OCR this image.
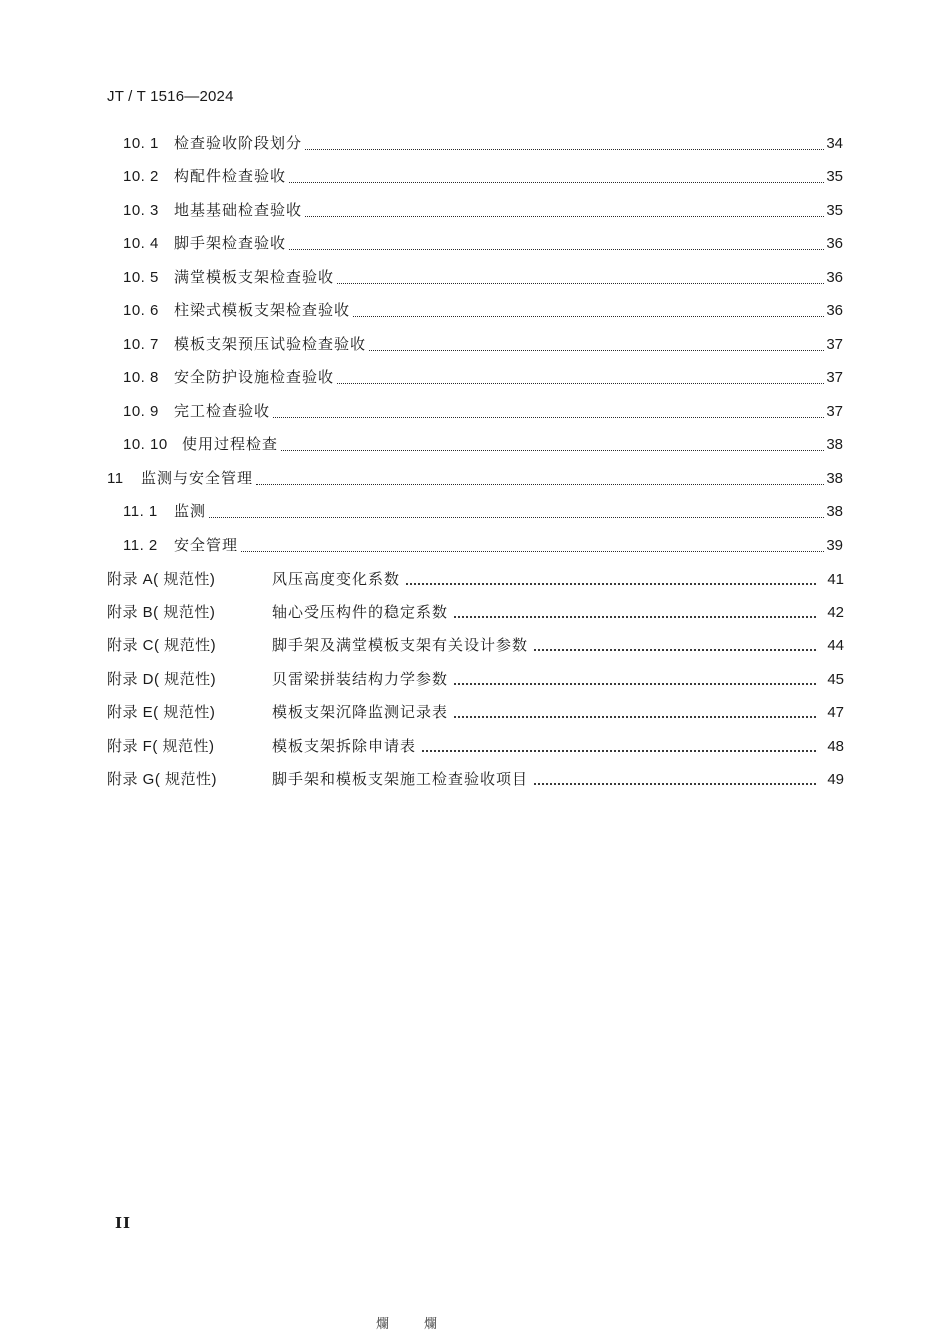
JT / T 1516—2024
10. 1	检查验收阶段划分	34
10. 2	构配件检查验收	35
10. 3	地基基础检查验收	35
10. 4	脚手架检查验收	36
10. 5	满堂模板支架检查验收	36
10. 6	柱梁式模板支架检查验收	36
10. 7	模板支架预压试验检查验收	37
10. 8	安全防护设施检查验收	37
10. 9	完工检查验收	37
10. 10 使用过程检查	38
11	监测与安全管理	38
11. 1	监测	38
11. 2	安全管理	39
附录 A( 规范性)	风压高度变化系数	41
附录 B( 规范性)	轴心受压构件的稳定系数	42
附录 C( 规范性)	脚手架及满堂模板支架有关设计参数	44
附录 D( 规范性)	贝雷梁拼装结构力学参数	45
附录 E( 规范性)	模板支架沉降监测记录表	47
附录 F( 规范性)	模板支架拆除申请表	48
附录 G( 规范性)	脚手架和模板支架施工检查验收项目	49
II
爛	爛
